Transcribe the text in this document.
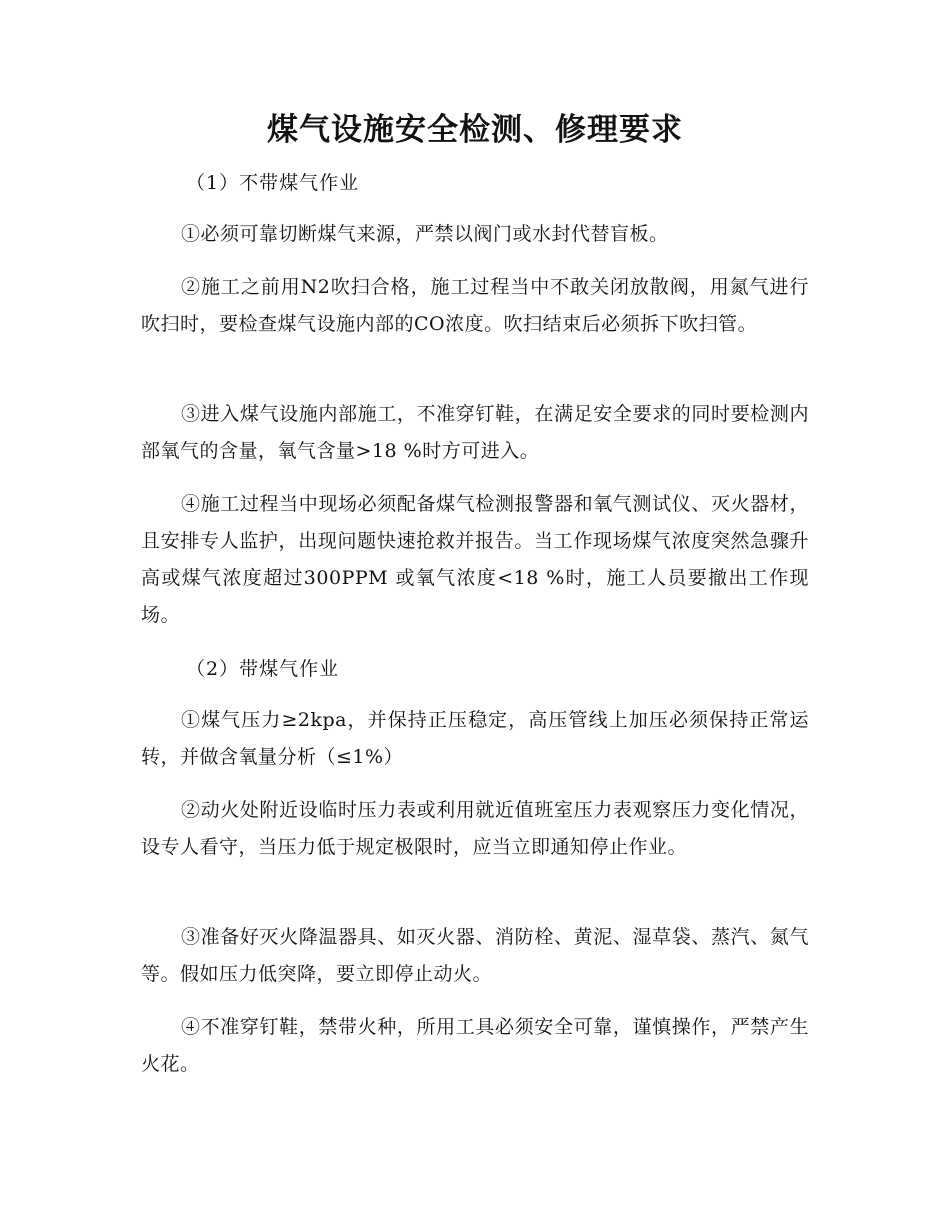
煤气设施安全检测、修理要求

（1）不带煤气作业

①必须可靠切断煤气来源，严禁以阀门或水封代替盲板。

②施工之前用N2吹扫合格，施工过程当中不敢关闭放散阀，用氮气进行吹扫时，要检查煤气设施内部的CO浓度。吹扫结束后必须拆下吹扫管。

③进入煤气设施内部施工，不准穿钉鞋，在满足安全要求的同时要检测内部氧气的含量，氧气含量>18 %时方可进入。

④施工过程当中现场必须配备煤气检测报警器和氧气测试仪、灭火器材，且安排专人监护，出现问题快速抢救并报告。当工作现场煤气浓度突然急骤升高或煤气浓度超过300PPM 或氧气浓度<18 %时，施工人员要撤出工作现场。

（2）带煤气作业

①煤气压力≥2kpa，并保持正压稳定，高压管线上加压必须保持正常运转，并做含氧量分析（≤1%）

②动火处附近设临时压力表或利用就近值班室压力表观察压力变化情况，设专人看守，当压力低于规定极限时，应当立即通知停止作业。

③准备好灭火降温器具、如灭火器、消防栓、黄泥、湿草袋、蒸汽、氮气等。假如压力低突降，要立即停止动火。

④不准穿钉鞋，禁带火种，所用工具必须安全可靠，谨慎操作，严禁产生火花。
